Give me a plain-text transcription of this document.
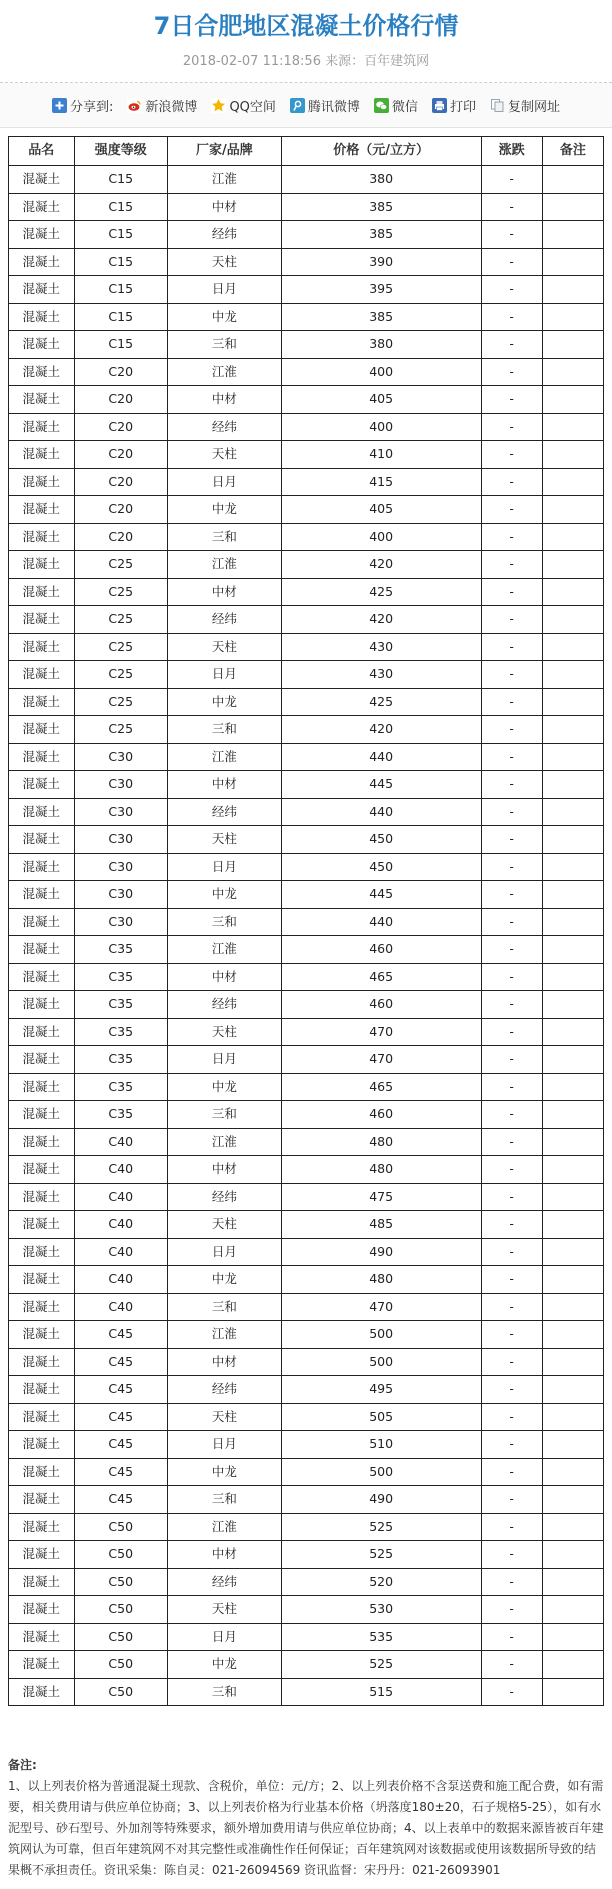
7日合肥地区混凝土价格行情
2018-02-07 11:18:56 来源：百年建筑网
分享到: 新浪微博 QQ空间 腾讯微博 微信 打印 复制网址
品名	强度等级	厂家/品牌	价格（元/立方）	涨跌	备注
混凝土	C15	江淮	380	-	
混凝土	C15	中材	385	-	
混凝土	C15	经纬	385	-	
混凝土	C15	天柱	390	-	
混凝土	C15	日月	395	-	
混凝土	C15	中龙	385	-	
混凝土	C15	三和	380	-	
混凝土	C20	江淮	400	-	
混凝土	C20	中材	405	-	
混凝土	C20	经纬	400	-	
混凝土	C20	天柱	410	-	
混凝土	C20	日月	415	-	
混凝土	C20	中龙	405	-	
混凝土	C20	三和	400	-	
混凝土	C25	江淮	420	-	
混凝土	C25	中材	425	-	
混凝土	C25	经纬	420	-	
混凝土	C25	天柱	430	-	
混凝土	C25	日月	430	-	
混凝土	C25	中龙	425	-	
混凝土	C25	三和	420	-	
混凝土	C30	江淮	440	-	
混凝土	C30	中材	445	-	
混凝土	C30	经纬	440	-	
混凝土	C30	天柱	450	-	
混凝土	C30	日月	450	-	
混凝土	C30	中龙	445	-	
混凝土	C30	三和	440	-	
混凝土	C35	江淮	460	-	
混凝土	C35	中材	465	-	
混凝土	C35	经纬	460	-	
混凝土	C35	天柱	470	-	
混凝土	C35	日月	470	-	
混凝土	C35	中龙	465	-	
混凝土	C35	三和	460	-	
混凝土	C40	江淮	480	-	
混凝土	C40	中材	480	-	
混凝土	C40	经纬	475	-	
混凝土	C40	天柱	485	-	
混凝土	C40	日月	490	-	
混凝土	C40	中龙	480	-	
混凝土	C40	三和	470	-	
混凝土	C45	江淮	500	-	
混凝土	C45	中材	500	-	
混凝土	C45	经纬	495	-	
混凝土	C45	天柱	505	-	
混凝土	C45	日月	510	-	
混凝土	C45	中龙	500	-	
混凝土	C45	三和	490	-	
混凝土	C50	江淮	525	-	
混凝土	C50	中材	525	-	
混凝土	C50	经纬	520	-	
混凝土	C50	天柱	530	-	
混凝土	C50	日月	535	-	
混凝土	C50	中龙	525	-	
混凝土	C50	三和	515	-	
备注:
1、以上列表价格为普通混凝土现款、含税价，单位：元/方；2、以上列表价格不含泵送费和施工配合费，如有需要，相关费用请与供应单位协商；3、以上列表价格为行业基本价格（坍落度180±20，石子规格5-25），如有水泥型号、砂石型号、外加剂等特殊要求，额外增加费用请与供应单位协商；4、以上表单中的数据来源皆被百年建筑网认为可靠，但百年建筑网不对其完整性或准确性作任何保证；百年建筑网对该数据或使用该数据所导致的结果概不承担责任。资讯采集：陈自灵：021-26094569 资讯监督：宋丹丹：021-26093901
